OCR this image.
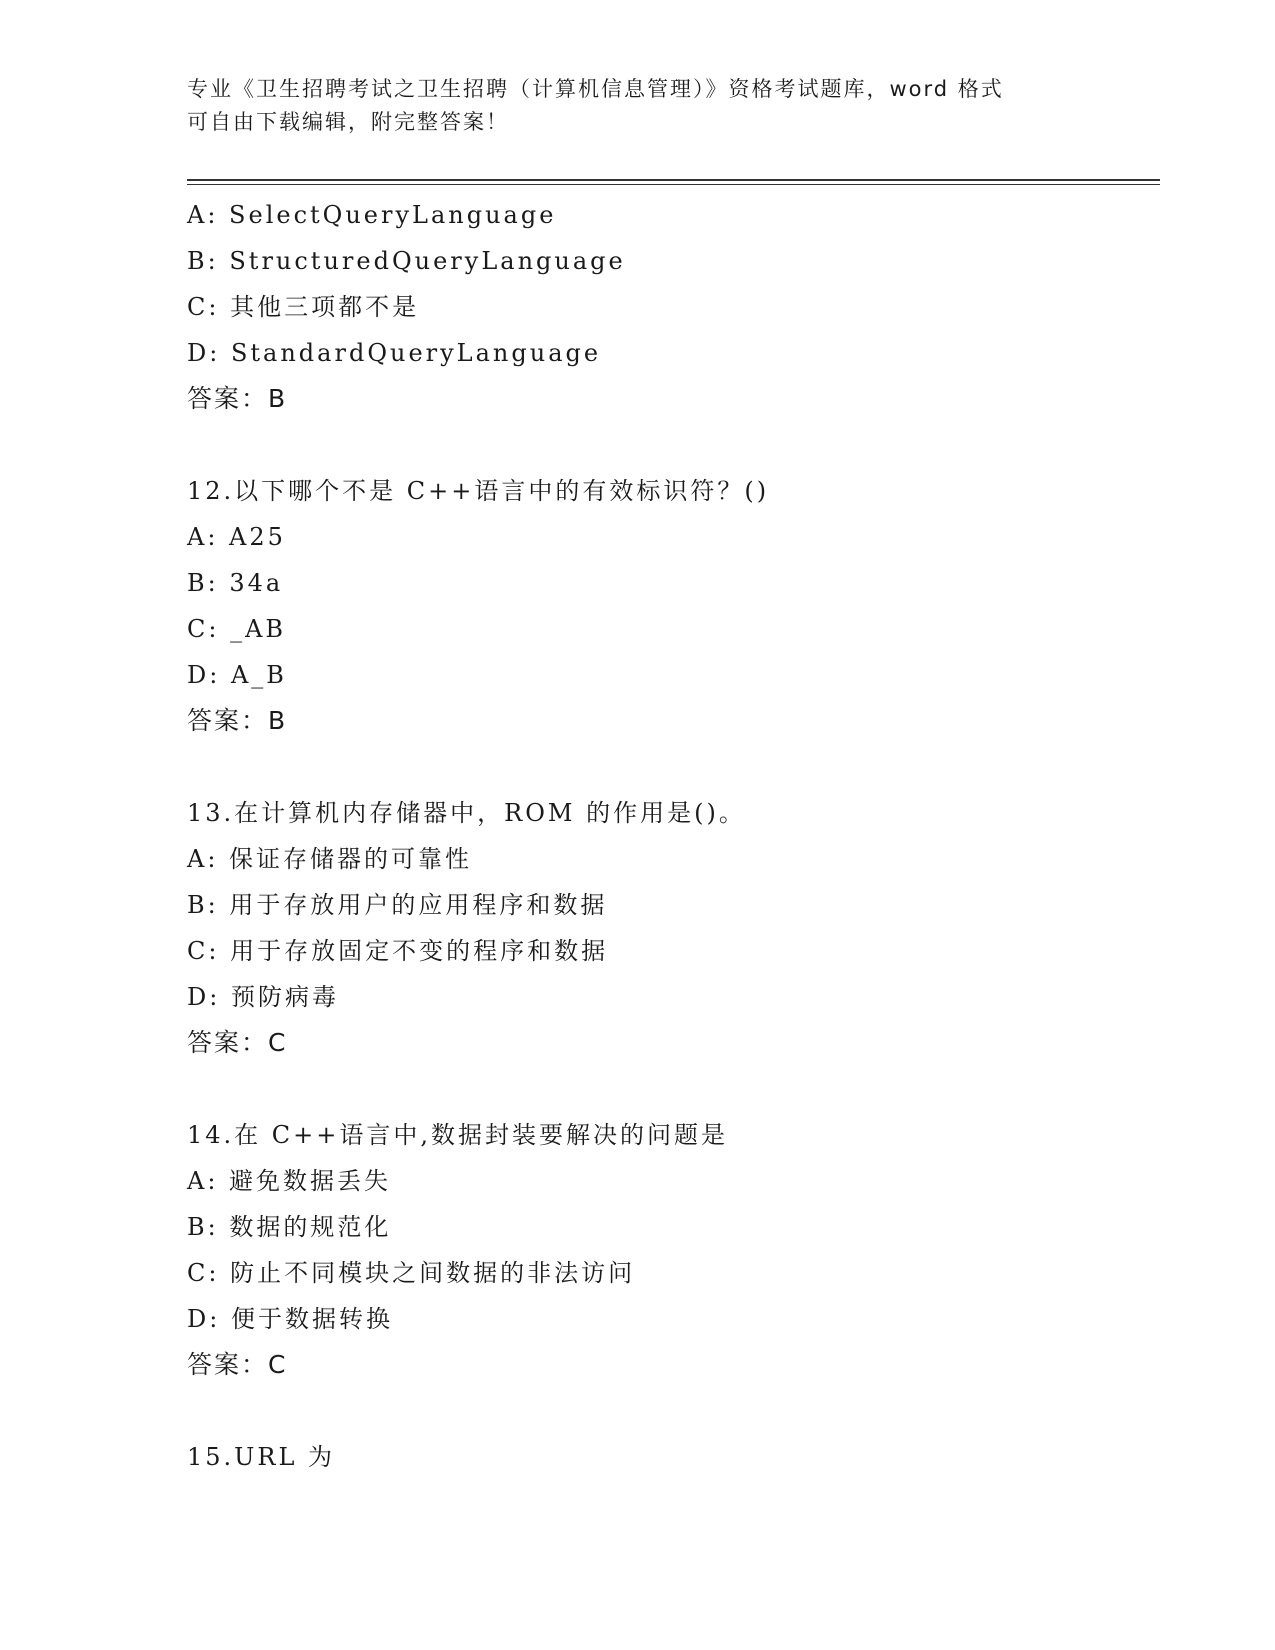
专业《卫生招聘考试之卫生招聘（计算机信息管理）》资格考试题库，word 格式
可自由下载编辑，附完整答案！
A: SelectQueryLanguage
B: StructuredQueryLanguage
C: 其他三项都不是
D: StandardQueryLanguage
答案：B
12.以下哪个不是 C++语言中的有效标识符？()
A: A25
B: 34a
C: _AB
D: A_B
答案：B
13.在计算机内存储器中，ROM 的作用是()。
A: 保证存储器的可靠性
B: 用于存放用户的应用程序和数据
C: 用于存放固定不变的程序和数据
D: 预防病毒
答案：C
14.在 C++语言中,数据封装要解决的问题是
A: 避免数据丢失
B: 数据的规范化
C: 防止不同模块之间数据的非法访问
D: 便于数据转换
答案：C
15.URL 为
